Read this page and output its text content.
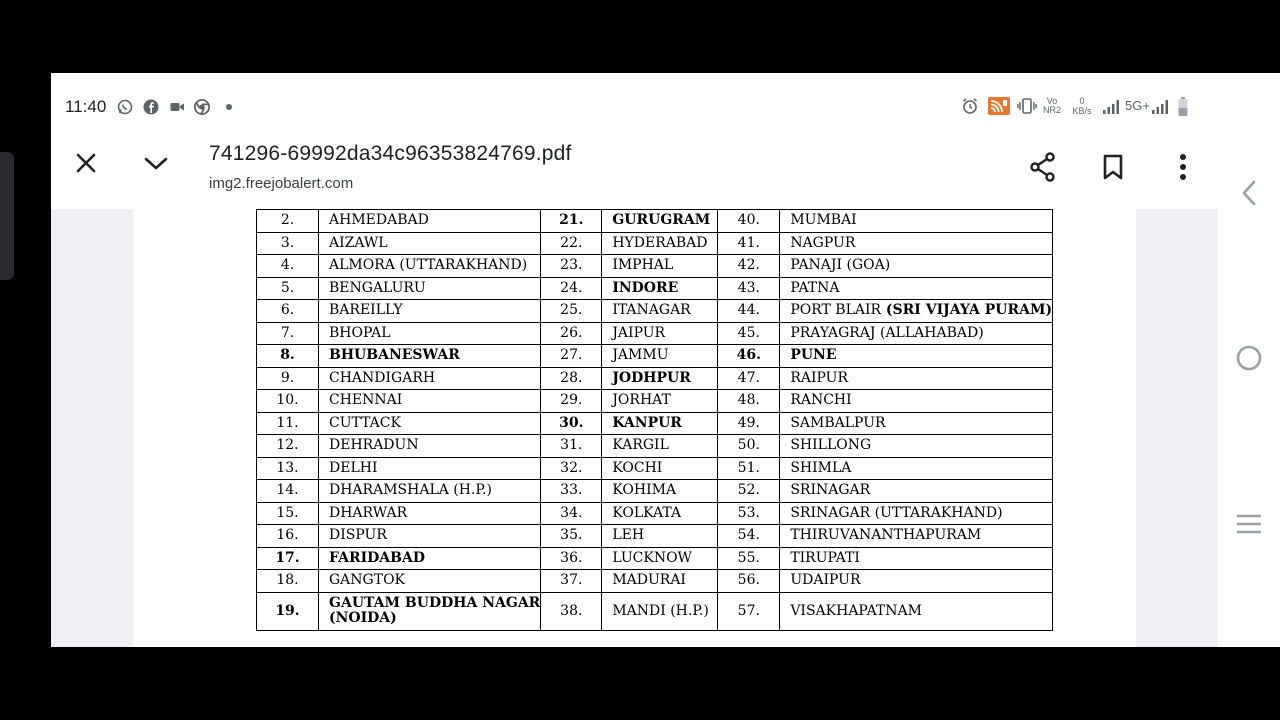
11:40	Vo
NR2
0
KB/s	5G+
741296-69992da34c96353824769.pdf
img2.freejobalert.com
2.	AHMEDABAD	21.	GURUGRAM	40.	MUMBAI
3.	AIZAWL	22.	HYDERABAD	41.	NAGPUR
4.	ALMORA (UTTARAKHAND)	23.	IMPHAL	42.	PANAJI (GOA)
5.	BENGALURU	24.	INDORE	43.	PATNA
6.	BAREILLY	25.	ITANAGAR	44.	PORT BLAIR (SRI VIJAYA PURAM)
7.	BHOPAL	26.	JAIPUR	45.	PRAYAGRAJ (ALLAHABAD)
8.	BHUBANESWAR	27.	JAMMU	46.	PUNE
9.	CHANDIGARH	28.	JODHPUR	47.	RAIPUR
10.	CHENNAI	29.	JORHAT	48.	RANCHI
11.	CUTTACK	30.	KANPUR	49.	SAMBALPUR
12.	DEHRADUN	31.	KARGIL	50.	SHILLONG
13.	DELHI	32.	KOCHI	51.	SHIMLA
14.	DHARAMSHALA (H.P.)	33.	KOHIMA	52.	SRINAGAR
15.	DHARWAR	34.	KOLKATA	53.	SRINAGAR (UTTARAKHAND)
16.	DISPUR	35.	LEH	54.	THIRUVANANTHAPURAM
17.	FARIDABAD	36.	LUCKNOW	55.	TIRUPATI
18.	GANGTOK	37.	MADURAI	56.	UDAIPUR
19.	GAUTAM BUDDHA NAGAR
(NOIDA)	38.	MANDI (H.P.)	57.	VISAKHAPATNAM
